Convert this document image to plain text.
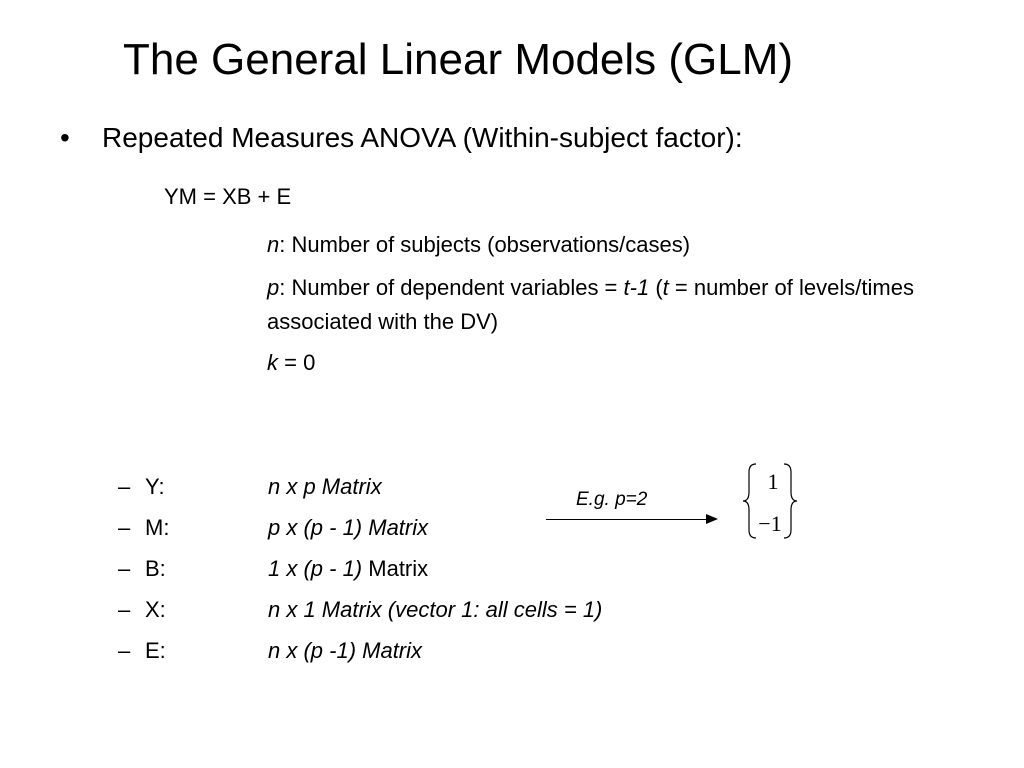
The General Linear Models (GLM)
• Repeated Measures ANOVA (Within-subject factor):
YM = XB + E
n: Number of subjects (observations/cases)
p: Number of dependent variables = t-1 (t = number of levels/times associated with the DV)
k = 0
– Y:	n x p Matrix
– M:	p x (p - 1) Matrix
– B:	1 x (p - 1) Matrix
– X:	n x 1 Matrix (vector 1: all cells = 1)
– E:	n x (p -1) Matrix
E.g. p=2
1
−1
